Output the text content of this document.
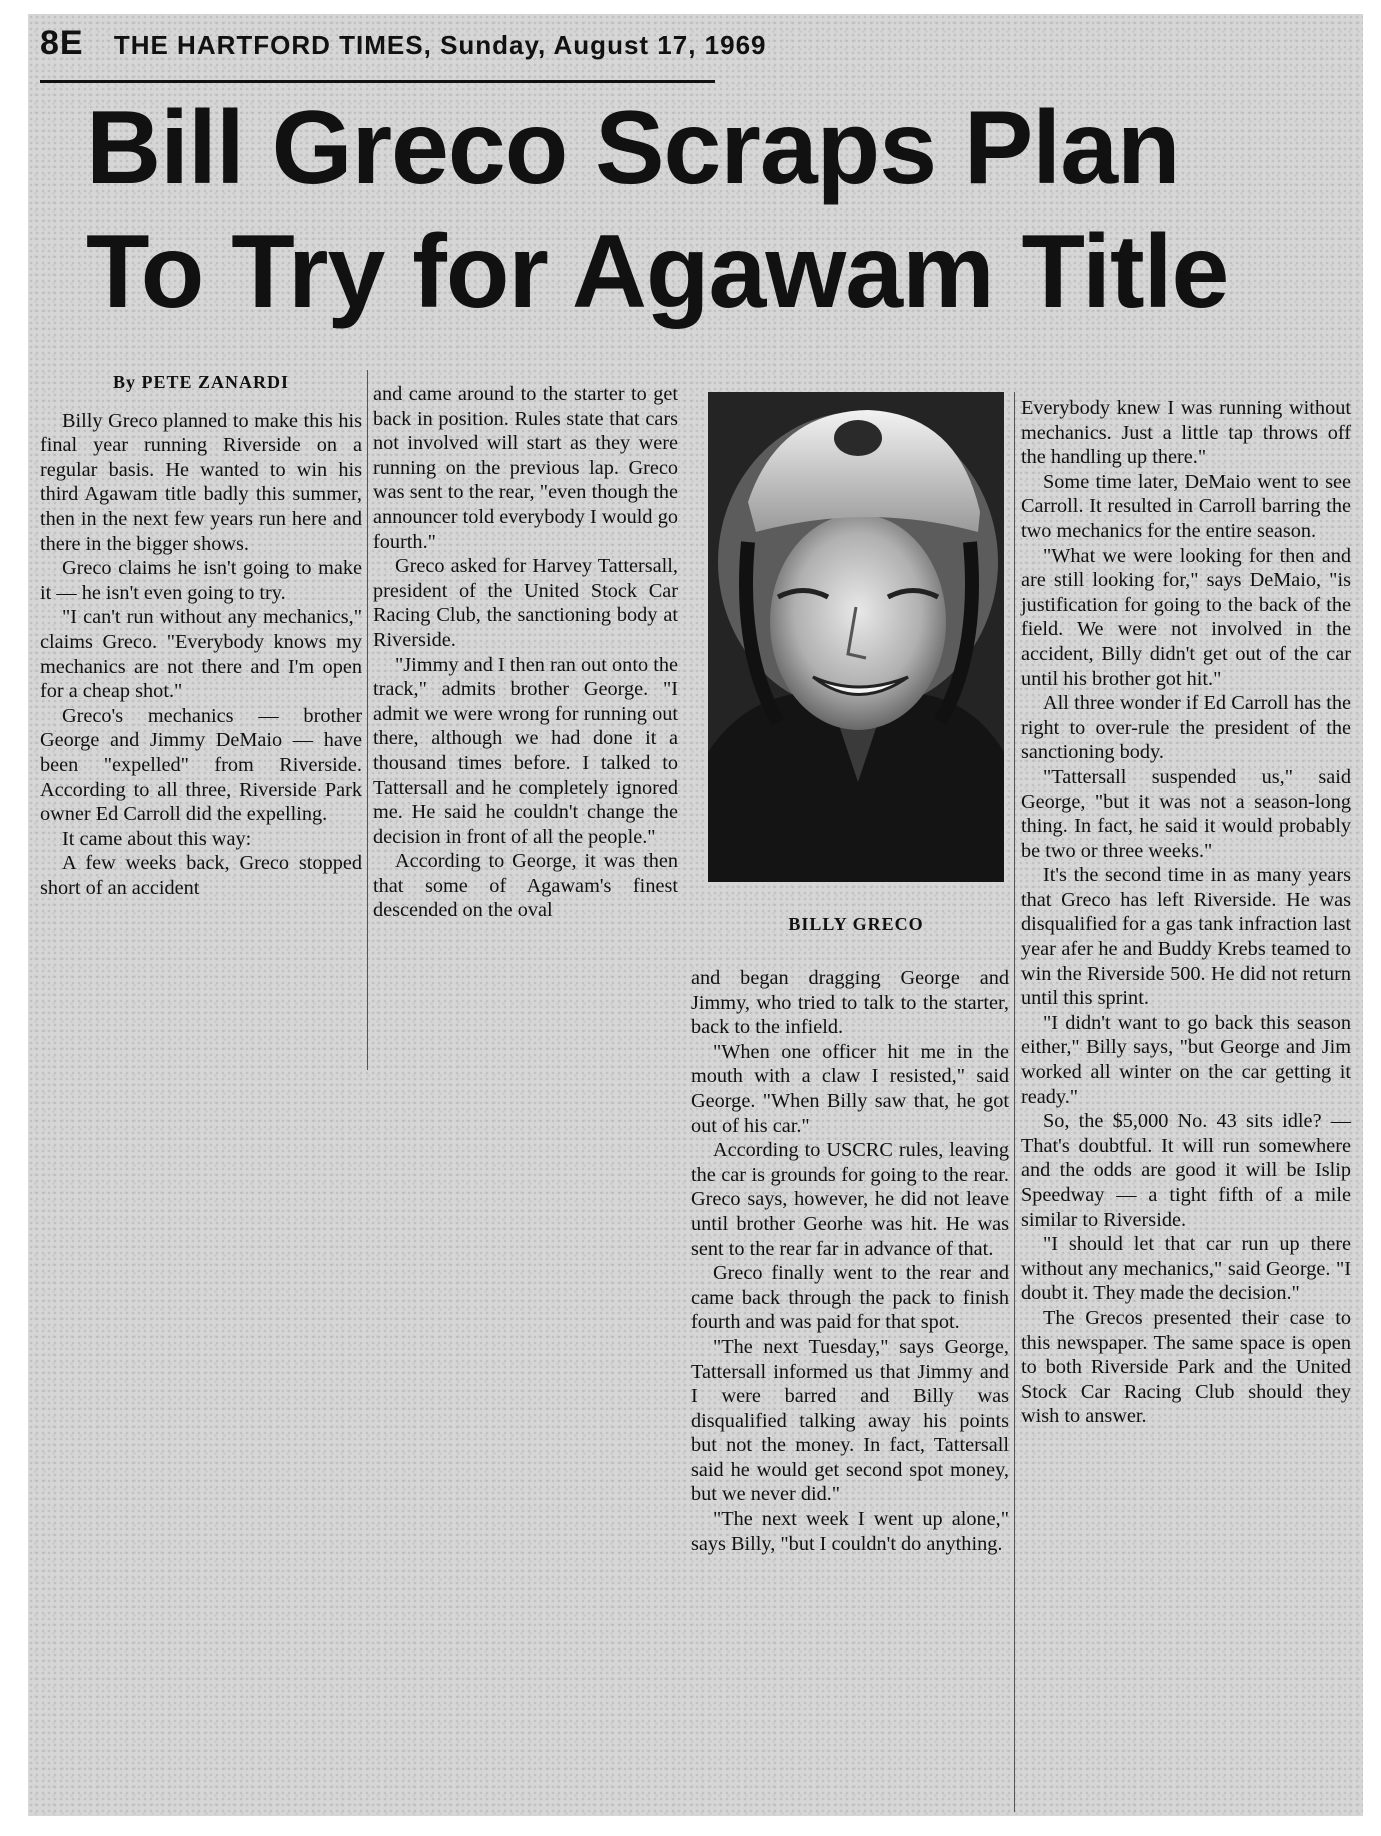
8E THE HARTFORD TIMES, Sunday, August 17, 1969
Bill Greco Scraps Plan
To Try for Agawam Title

By PETE ZANARDI

Billy Greco planned to make this his final year running Riverside on a regular basis. He wanted to win his third Agawam title badly this summer, then in the next few years run here and there in the bigger shows.

Greco claims he isn't going to make it — he isn't even going to try.

"I can't run without any mechanics," claims Greco. "Everybody knows my mechanics are not there and I'm open for a cheap shot."

Greco's mechanics — brother George and Jimmy DeMaio — have been "expelled" from Riverside. According to all three, Riverside Park owner Ed Carroll did the expelling.

It came about this way:

A few weeks back, Greco stopped short of an accident

and came around to the starter to get back in position. Rules state that cars not involved will start as they were running on the previous lap. Greco was sent to the rear, "even though the announcer told everybody I would go fourth."

Greco asked for Harvey Tattersall, president of the United Stock Car Racing Club, the sanctioning body at Riverside.

"Jimmy and I then ran out onto the track," admits brother George. "I admit we were wrong for running out there, although we had done it a thousand times before. I talked to Tattersall and he completely ignored me. He said he couldn't change the decision in front of all the people."

According to George, it was then that some of Agawam's finest descended on the oval

BILLY GRECO

and began dragging George and Jimmy, who tried to talk to the starter, back to the infield.

"When one officer hit me in the mouth with a claw I resisted," said George. "When Billy saw that, he got out of his car."

According to USCRC rules, leaving the car is grounds for going to the rear. Greco says, however, he did not leave until brother Georhe was hit. He was sent to the rear far in advance of that.

Greco finally went to the rear and came back through the pack to finish fourth and was paid for that spot.

"The next Tuesday," says George, Tattersall informed us that Jimmy and I were barred and Billy was disqualified talking away his points but not the money. In fact, Tattersall said he would get second spot money, but we never did."

"The next week I went up alone," says Billy, "but I couldn't do anything.

Everybody knew I was running without mechanics. Just a little tap throws off the handling up there."

Some time later, DeMaio went to see Carroll. It resulted in Carroll barring the two mechanics for the entire season.

"What we were looking for then and are still looking for," says DeMaio, "is justification for going to the back of the field. We were not involved in the accident, Billy didn't get out of the car until his brother got hit."

All three wonder if Ed Carroll has the right to over-rule the president of the sanctioning body.

"Tattersall suspended us," said George, "but it was not a season-long thing. In fact, he said it would probably be two or three weeks."

It's the second time in as many years that Greco has left Riverside. He was disqualified for a gas tank infraction last year afer he and Buddy Krebs teamed to win the Riverside 500. He did not return until this sprint.

"I didn't want to go back this season either," Billy says, "but George and Jim worked all winter on the car getting it ready."

So, the $5,000 No. 43 sits idle? — That's doubtful. It will run somewhere and the odds are good it will be Islip Speedway — a tight fifth of a mile similar to Riverside.

"I should let that car run up there without any mechanics," said George. "I doubt it. They made the decision."

The Grecos presented their case to this newspaper. The same space is open to both Riverside Park and the United Stock Car Racing Club should they wish to answer.
